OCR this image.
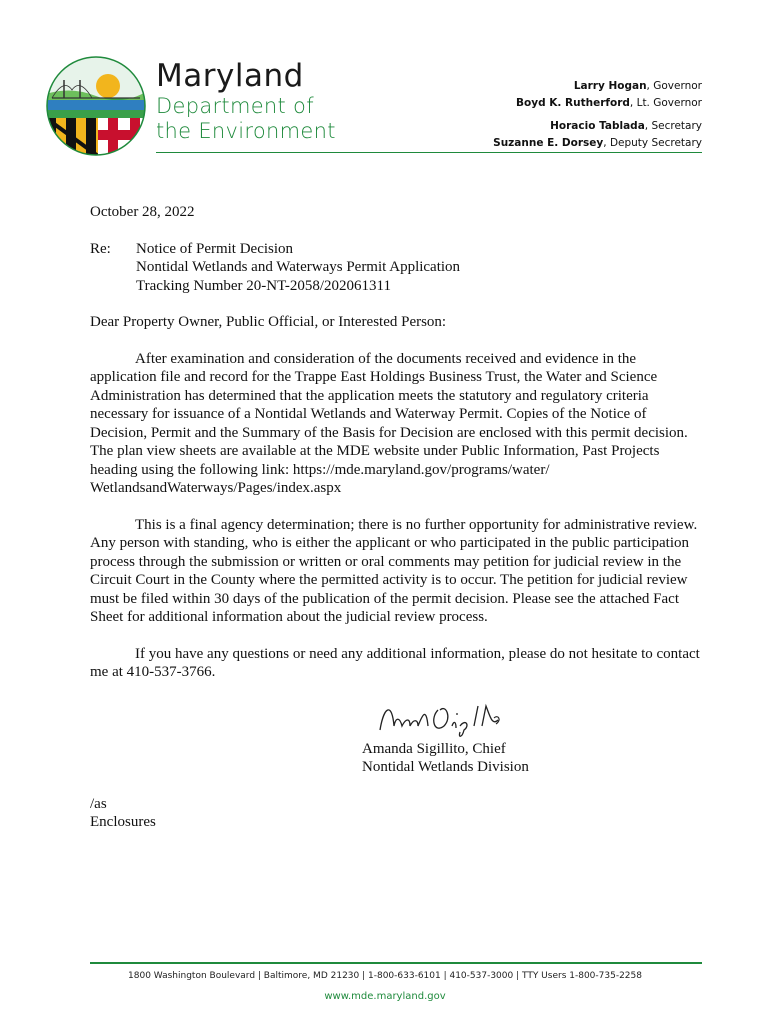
Maryland
Department of
the Environment
Larry Hogan, Governor
Boyd K. Rutherford, Lt. Governor
Horacio Tablada, Secretary
Suzanne E. Dorsey, Deputy Secretary
October 28, 2022
Re:	Notice of Permit Decision
Nontidal Wetlands and Waterways Permit Application
Tracking Number 20-NT-2058/202061311
Dear Property Owner, Public Official, or Interested Person:

After examination and consideration of the documents received and evidence in the application file and record for the Trappe East Holdings Business Trust, the Water and Science Administration has determined that the application meets the statutory and regulatory criteria necessary for issuance of a Nontidal Wetlands and Waterway Permit. Copies of the Notice of Decision, Permit and the Summary of the Basis for Decision are enclosed with this permit decision. The plan view sheets are available at the MDE website under Public Information, Past Projects heading using the following link: https://mde.maryland.gov/programs/water/ WetlandsandWaterways/Pages/index.aspx

This is a final agency determination; there is no further opportunity for administrative review. Any person with standing, who is either the applicant or who participated in the public participation process through the submission or written or oral comments may petition for judicial review in the Circuit Court in the County where the permitted activity is to occur. The petition for judicial review must be filed within 30 days of the publication of the permit decision. Please see the attached Fact Sheet for additional information about the judicial review process.

If you have any questions or need any additional information, please do not hesitate to contact me at 410-537-3766.

Amanda Sigillito, Chief
Nontidal Wetlands Division
/as
Enclosures
1800 Washington Boulevard | Baltimore, MD 21230 | 1-800-633-6101 | 410-537-3000 | TTY Users 1-800-735-2258
www.mde.maryland.gov
